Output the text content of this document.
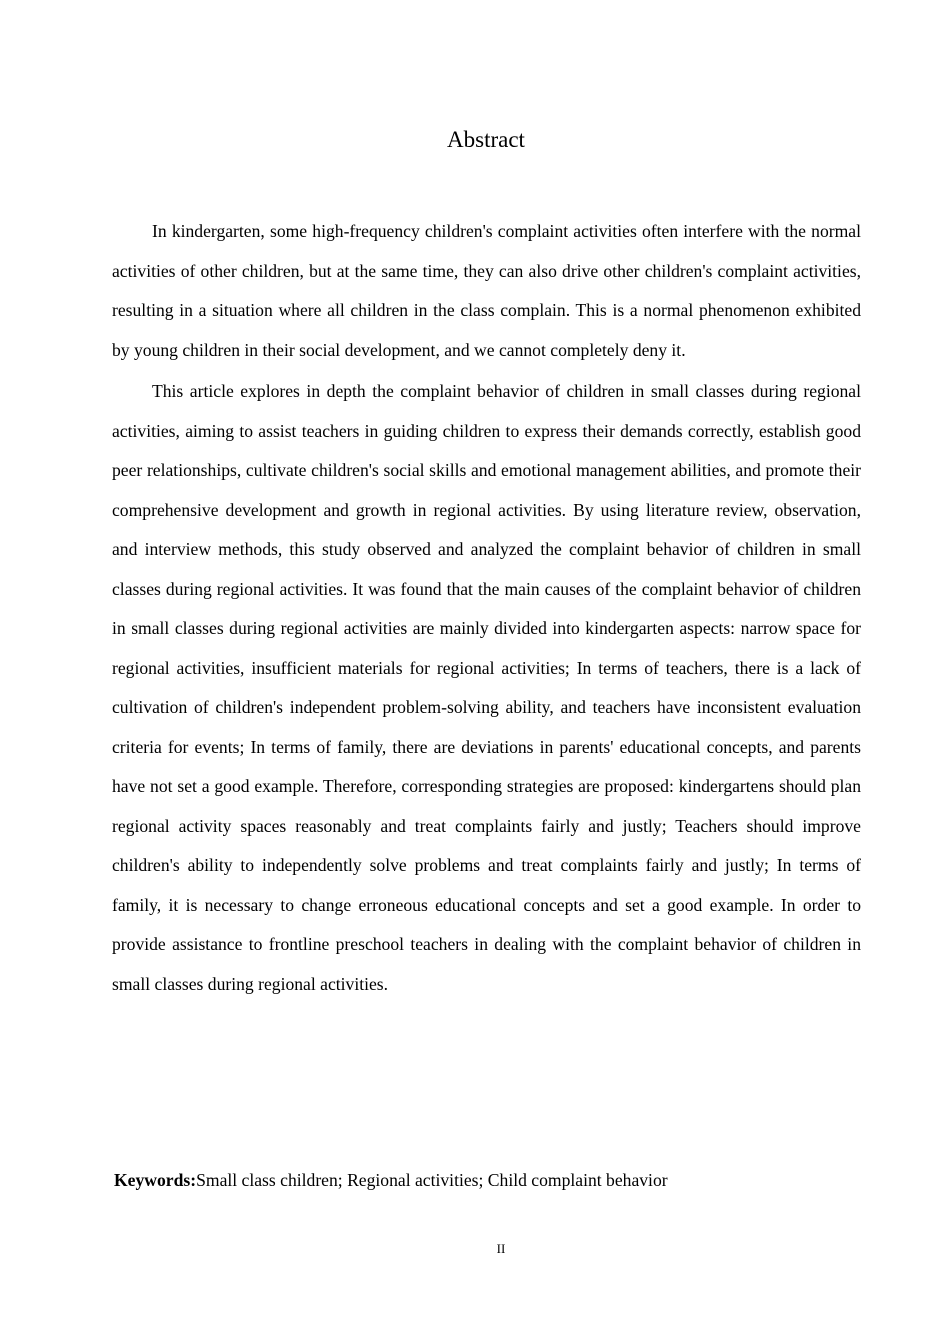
Abstract

In kindergarten, some high-frequency children's complaint activities often interfere with the normal activities of other children, but at the same time, they can also drive other children's complaint activities, resulting in a situation where all children in the class complain. This is a normal phenomenon exhibited by young children in their social development, and we cannot completely deny it.

This article explores in depth the complaint behavior of children in small classes during regional activities, aiming to assist teachers in guiding children to express their demands correctly, establish good peer relationships, cultivate children's social skills and emotional management abilities, and promote their comprehensive development and growth in regional activities. By using literature review, observation, and interview methods, this study observed and analyzed the complaint behavior of children in small classes during regional activities. It was found that the main causes of the complaint behavior of children in small classes during regional activities are mainly divided into kindergarten aspects: narrow space for regional activities, insufficient materials for regional activities; In terms of teachers, there is a lack of cultivation of children's independent problem-solving ability, and teachers have inconsistent evaluation criteria for events; In terms of family, there are deviations in parents' educational concepts, and parents have not set a good example. Therefore, corresponding strategies are proposed: kindergartens should plan regional activity spaces reasonably and treat complaints fairly and justly; Teachers should improve children's ability to independently solve problems and treat complaints fairly and justly; In terms of family, it is necessary to change erroneous educational concepts and set a good example. In order to provide assistance to frontline preschool teachers in dealing with the complaint behavior of children in small classes during regional activities.

Keywords:Small class children; Regional activities; Child complaint behavior
II
